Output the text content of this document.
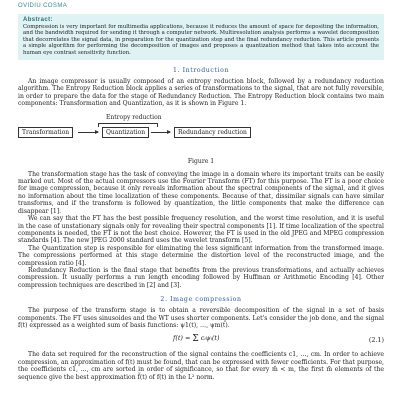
OVIDIU COSMA
Abstract:
Compression is very important for multimedia applications, because it reduces the amount of space for depositing the information, and the bandwidth required for sending it through a computer network. Multiresolution analysis performs a wavelet decomposition that decorrelates the signal data, in preparation for the quantization step and the final redundancy reduction. This article presents a simple algorithm for performing the decomposition of images and proposes a quantization method that takes into account the human eye contrast sensitivity function.
1. Introduction

An image compressor is usually composed of an entropy reduction block, followed by a redundancy reduction algorithm. The Entropy Reduction block applies a series of transformations to the signal, that are not fully reversible, in order to prepare the data for the stage of Redundancy Reduction. The Entropy Reduction block contains two main components: Transformation and Quantization, as it is shown in Figure 1.

Entropy reduction
Transformation	Quantization	Redundancy reduction
Figure 1

The transformation stage has the task of conveying the image in a domain where its important traits can be easily marked out. Most of the actual compressors use the Fourier Transform (FT) for this purpose. The FT is a poor choice for image compression, because it only reveals information about the spectral components of the signal, and it gives no information about the time localization of these components. Because of that, dissimilar signals can have similar transforms, and if the transform is followed by quantization, the little components that make the difference can disappear [1].

We can say that the FT has the best possible frequency resolution, and the worst time resolution, and it is useful in the case of unstationary signals only for revealing their spectral components [1]. If time localization of the spectral components is needed, the FT is not the best choice. However, the FT is used in the old JPEG and MPEG compression standards [4]. The new JPEG 2000 standard uses the wavelet transform [5].

The Quantization step is responsible for eliminating the less significant information from the transformed image. The compressions performed at this stage determine the distortion level of the reconstructed image, and the compression ratio [4].

Redundancy Reduction is the final stage that benefits from the previous transformations, and actually achieves compression. It usually performs a run length encoding followed by Huffman or Arithmetic Encoding [4]. Other compression techniques are described in [2] and [3].

2. Image compression

The purpose of the transform stage is to obtain a reversible decomposition of the signal in a set of basis components. The FT uses sinusoides and the WT uses shorter components. Let's consider the job done, and the signal f(t) expressed as a weighted sum of basis functions: ψ1(t), …, ψm(t).

f(t) = Σ cᵢψᵢ(t)	(2.1)

The data set required for the reconstruction of the signal contains the coefficients c1, …, cm. In order to achieve compression, an approximation of f(t) must be found, that can be expressed with fewer coefficients. For that purpose, the coefficients c1, …, cm are sorted in order of significance, so that for every m̃ < m, the first m̃ elements of the sequence give the best approximation f̃(t) of f(t) in the L² norm.
